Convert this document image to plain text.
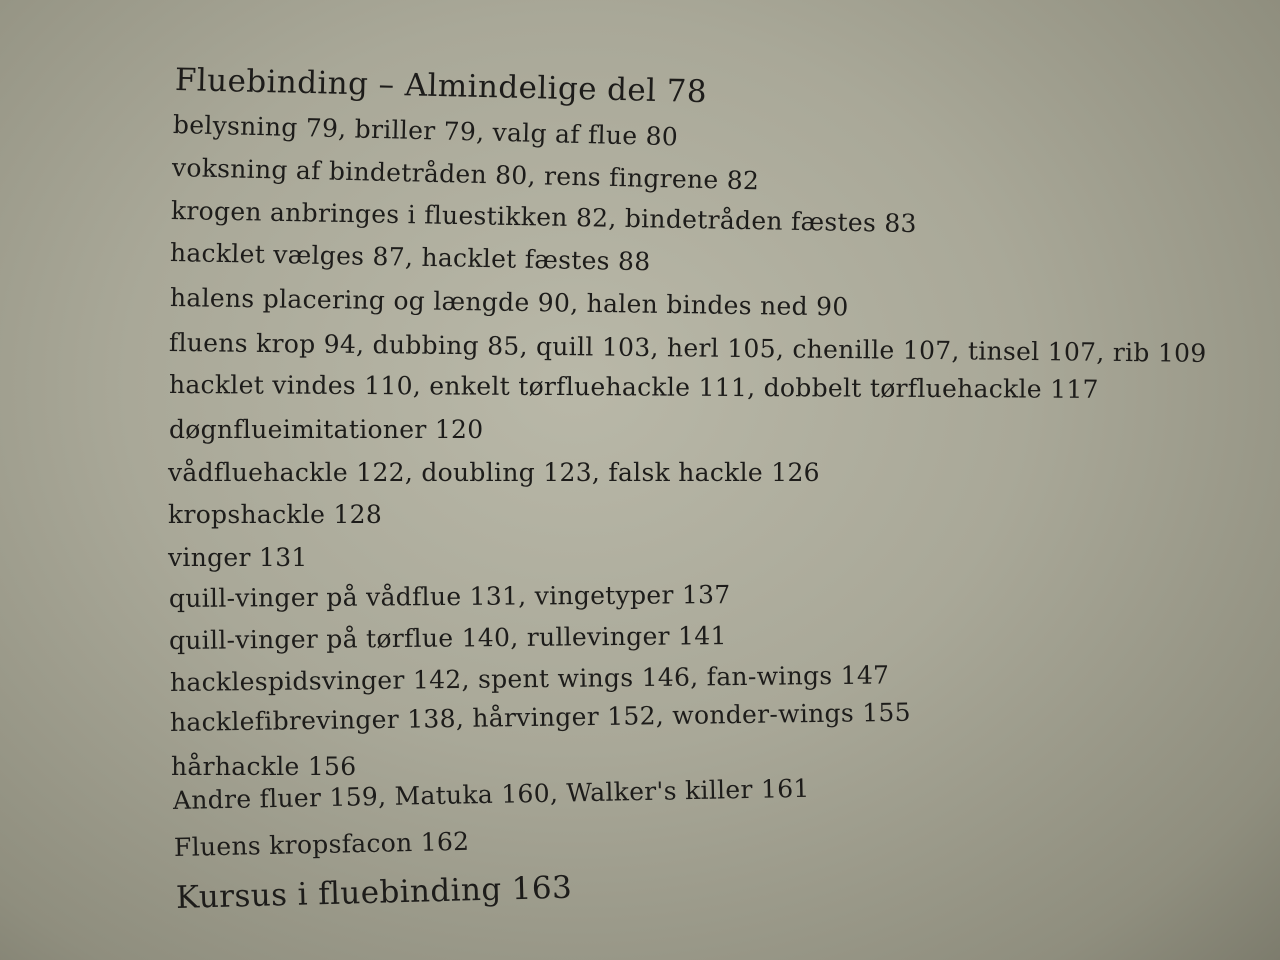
Fluebinding – Almindelige del 78
belysning 79, briller 79, valg af flue 80
voksning af bindetråden 80, rens fingrene 82
krogen anbringes i fluestikken 82, bindetråden fæstes 83
hacklet vælges 87, hacklet fæstes 88
halens placering og længde 90, halen bindes ned 90
fluens krop 94, dubbing 85, quill 103, herl 105, chenille 107, tinsel 107, rib 109
hacklet vindes 110, enkelt tørfluehackle 111, dobbelt tørfluehackle 117
døgnflueimitationer 120
vådfluehackle 122, doubling 123, falsk hackle 126
kropshackle 128
vinger 131
quill-vinger på vådflue 131, vingetyper 137
quill-vinger på tørflue 140, rullevinger 141
hacklespidsvinger 142, spent wings 146, fan-wings 147
hacklefibrevinger 138, hårvinger 152, wonder-wings 155
hårhackle 156
Andre fluer 159, Matuka 160, Walker's killer 161
Fluens kropsfacon 162
Kursus i fluebinding 163
